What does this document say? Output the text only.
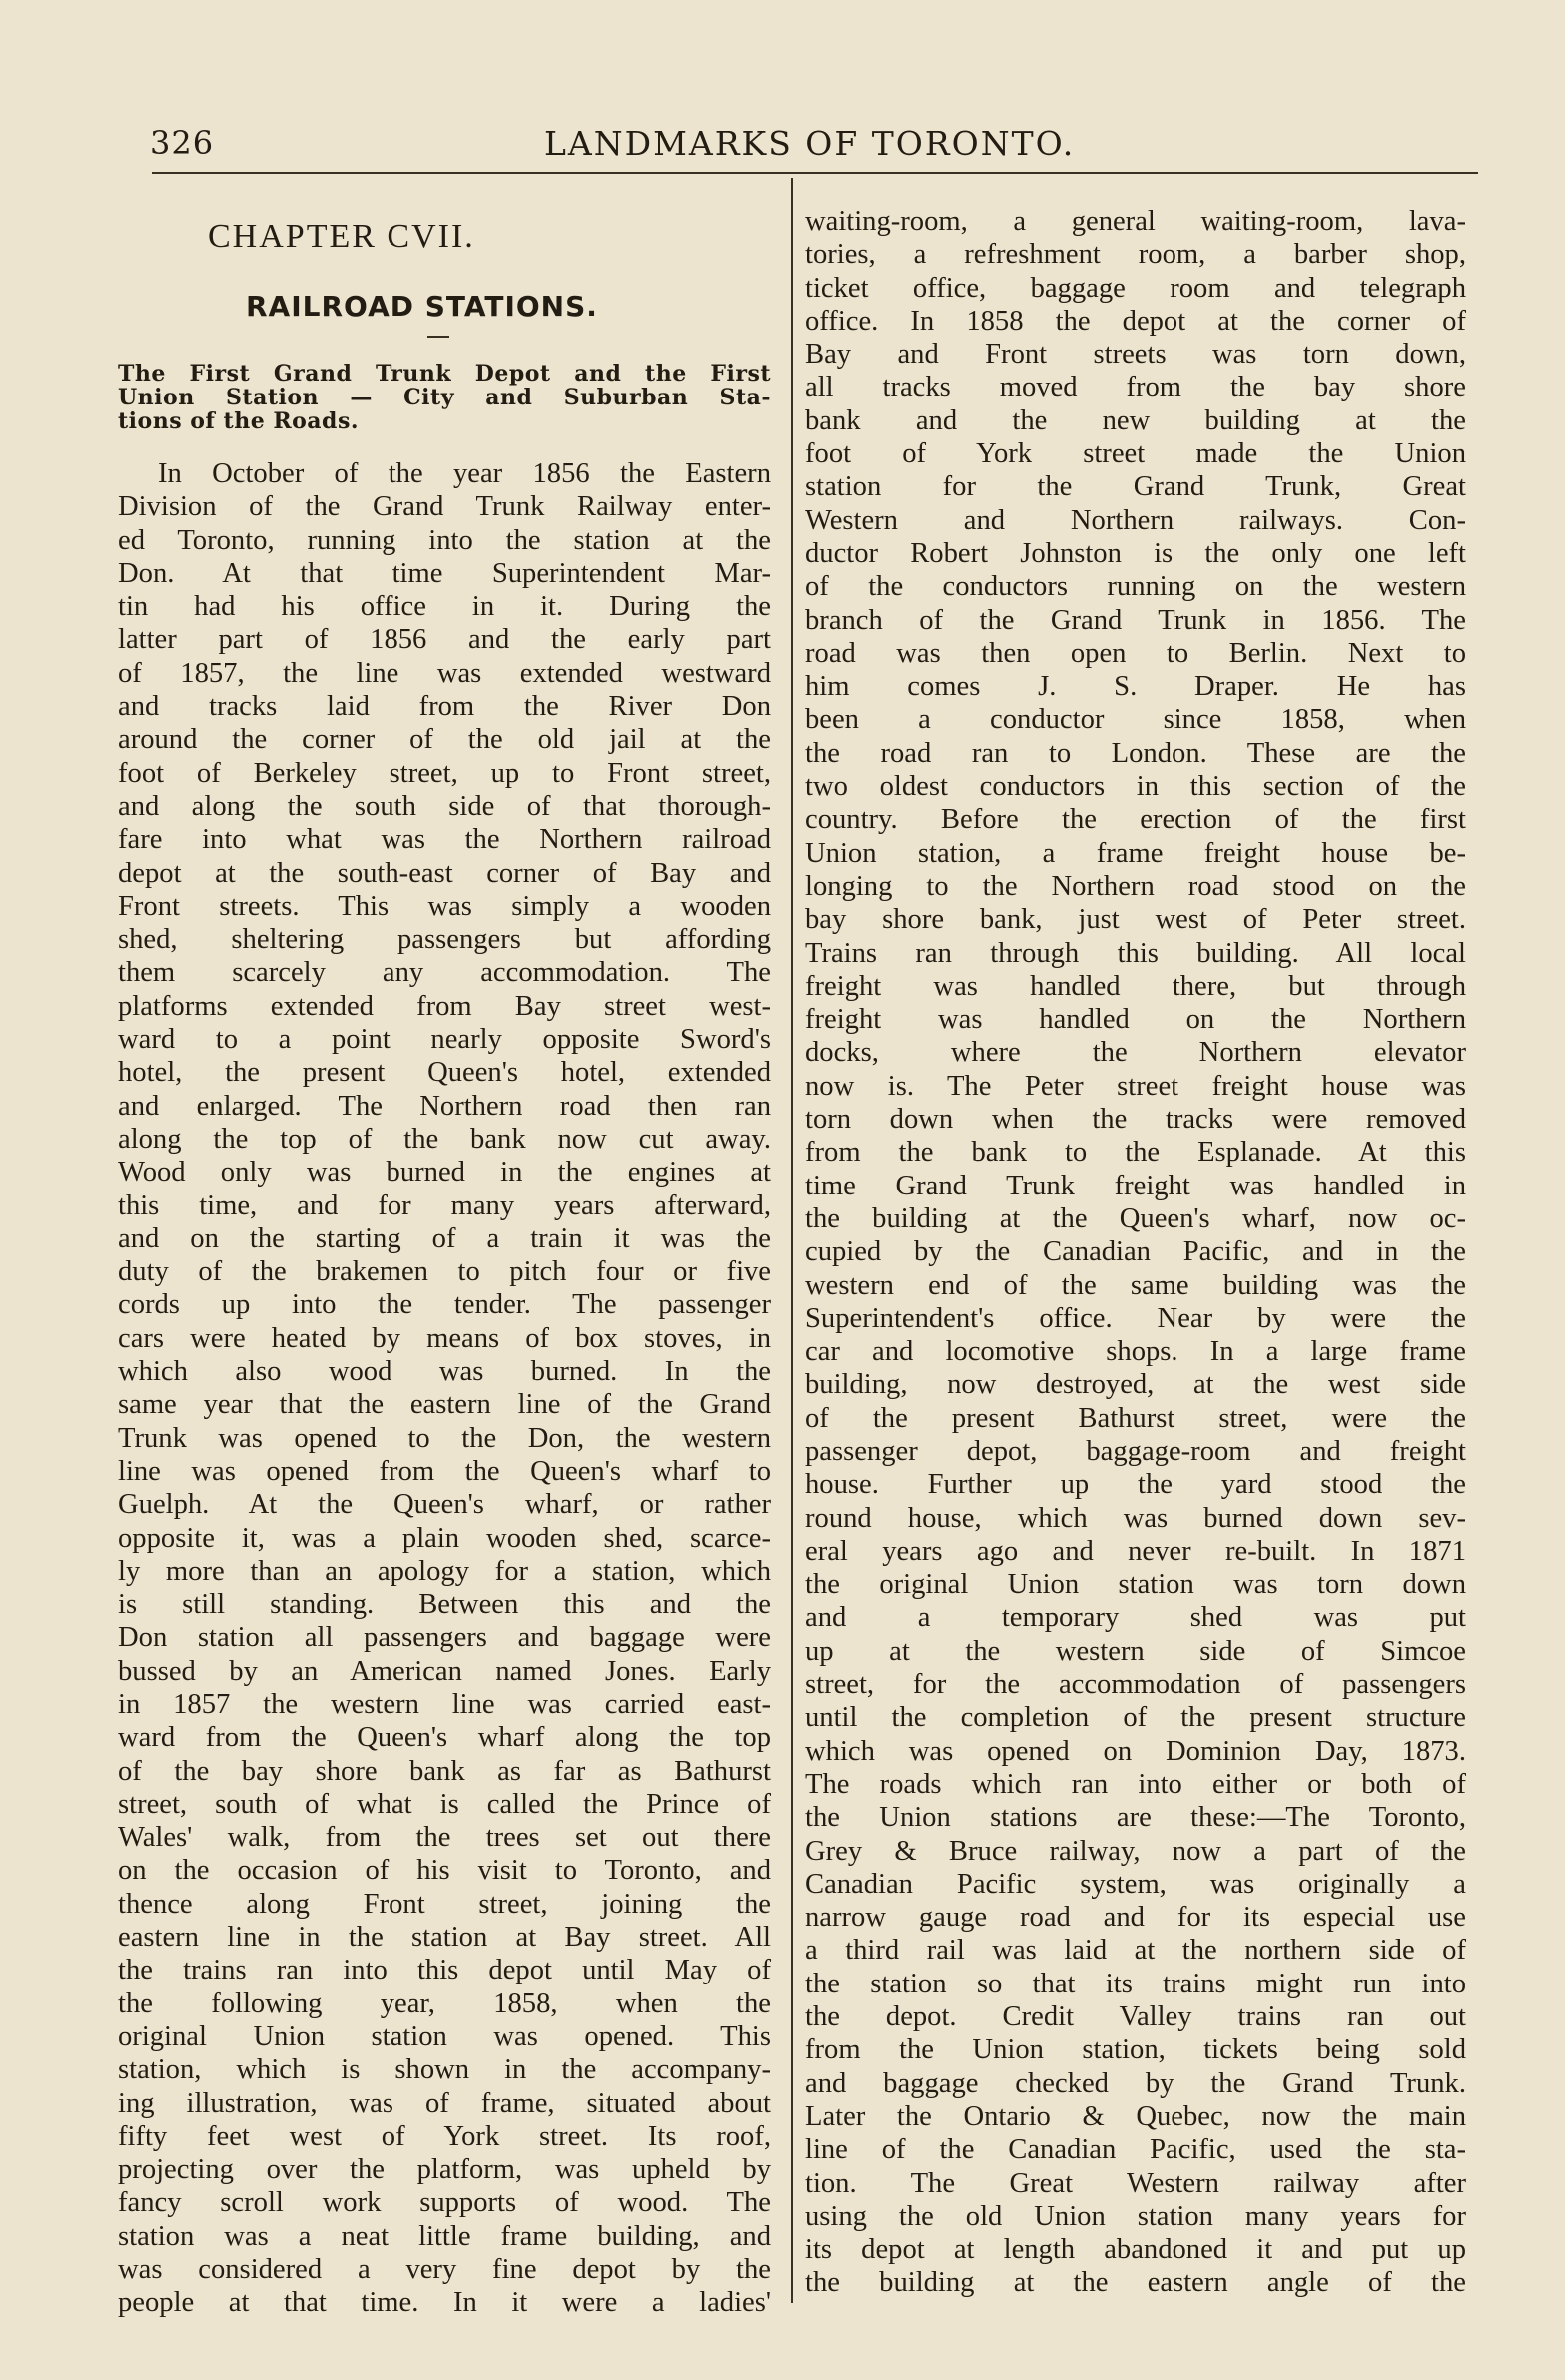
326	LANDMARKS OF TORONTO.
CHAPTER CVII.
RAILROAD STATIONS.
The First Grand Trunk Depot and the First
Union Station — City and Suburban Sta-
tions of the Roads.
In October of the year 1856 the Eastern
Division of the Grand Trunk Railway enter-
ed Toronto, running into the station at the
Don. At that time Superintendent Mar-
tin had his office in it. During the
latter part of 1856 and the early part
of 1857, the line was extended westward
and tracks laid from the River Don
around the corner of the old jail at the
foot of Berkeley street, up to Front street,
and along the south side of that thorough-
fare into what was the Northern railroad
depot at the south-east corner of Bay and
Front streets. This was simply a wooden
shed, sheltering passengers but affording
them scarcely any accommodation. The
platforms extended from Bay street west-
ward to a point nearly opposite Sword's
hotel, the present Queen's hotel, extended
and enlarged. The Northern road then ran
along the top of the bank now cut away.
Wood only was burned in the engines at
this time, and for many years afterward,
and on the starting of a train it was the
duty of the brakemen to pitch four or five
cords up into the tender. The passenger
cars were heated by means of box stoves, in
which also wood was burned. In the
same year that the eastern line of the Grand
Trunk was opened to the Don, the western
line was opened from the Queen's wharf to
Guelph. At the Queen's wharf, or rather
opposite it, was a plain wooden shed, scarce-
ly more than an apology for a station, which
is still standing. Between this and the
Don station all passengers and baggage were
bussed by an American named Jones. Early
in 1857 the western line was carried east-
ward from the Queen's wharf along the top
of the bay shore bank as far as Bathurst
street, south of what is called the Prince of
Wales' walk, from the trees set out there
on the occasion of his visit to Toronto, and
thence along Front street, joining the
eastern line in the station at Bay street. All
the trains ran into this depot until May of
the following year, 1858, when the
original Union station was opened. This
station, which is shown in the accompany-
ing illustration, was of frame, situated about
fifty feet west of York street. Its roof,
projecting over the platform, was upheld by
fancy scroll work supports of wood. The
station was a neat little frame building, and
was considered a very fine depot by the
people at that time. In it were a ladies'
waiting-room, a general waiting-room, lava-
tories, a refreshment room, a barber shop,
ticket office, baggage room and telegraph
office. In 1858 the depot at the corner of
Bay and Front streets was torn down,
all tracks moved from the bay shore
bank and the new building at the
foot of York street made the Union
station for the Grand Trunk, Great
Western and Northern railways. Con-
ductor Robert Johnston is the only one left
of the conductors running on the western
branch of the Grand Trunk in 1856. The
road was then open to Berlin. Next to
him comes J. S. Draper. He has
been a conductor since 1858, when
the road ran to London. These are the
two oldest conductors in this section of the
country. Before the erection of the first
Union station, a frame freight house be-
longing to the Northern road stood on the
bay shore bank, just west of Peter street.
Trains ran through this building. All local
freight was handled there, but through
freight was handled on the Northern
docks, where the Northern elevator
now is. The Peter street freight house was
torn down when the tracks were removed
from the bank to the Esplanade. At this
time Grand Trunk freight was handled in
the building at the Queen's wharf, now oc-
cupied by the Canadian Pacific, and in the
western end of the same building was the
Superintendent's office. Near by were the
car and locomotive shops. In a large frame
building, now destroyed, at the west side
of the present Bathurst street, were the
passenger depot, baggage-room and freight
house. Further up the yard stood the
round house, which was burned down sev-
eral years ago and never re-built. In 1871
the original Union station was torn down
and a temporary shed was put
up at the western side of Simcoe
street, for the accommodation of passengers
until the completion of the present structure
which was opened on Dominion Day, 1873.
The roads which ran into either or both of
the Union stations are these:—The Toronto,
Grey & Bruce railway, now a part of the
Canadian Pacific system, was originally a
narrow gauge road and for its especial use
a third rail was laid at the northern side of
the station so that its trains might run into
the depot. Credit Valley trains ran out
from the Union station, tickets being sold
and baggage checked by the Grand Trunk.
Later the Ontario & Quebec, now the main
line of the Canadian Pacific, used the sta-
tion. The Great Western railway after
using the old Union station many years for
its depot at length abandoned it and put up
the building at the eastern angle of the
